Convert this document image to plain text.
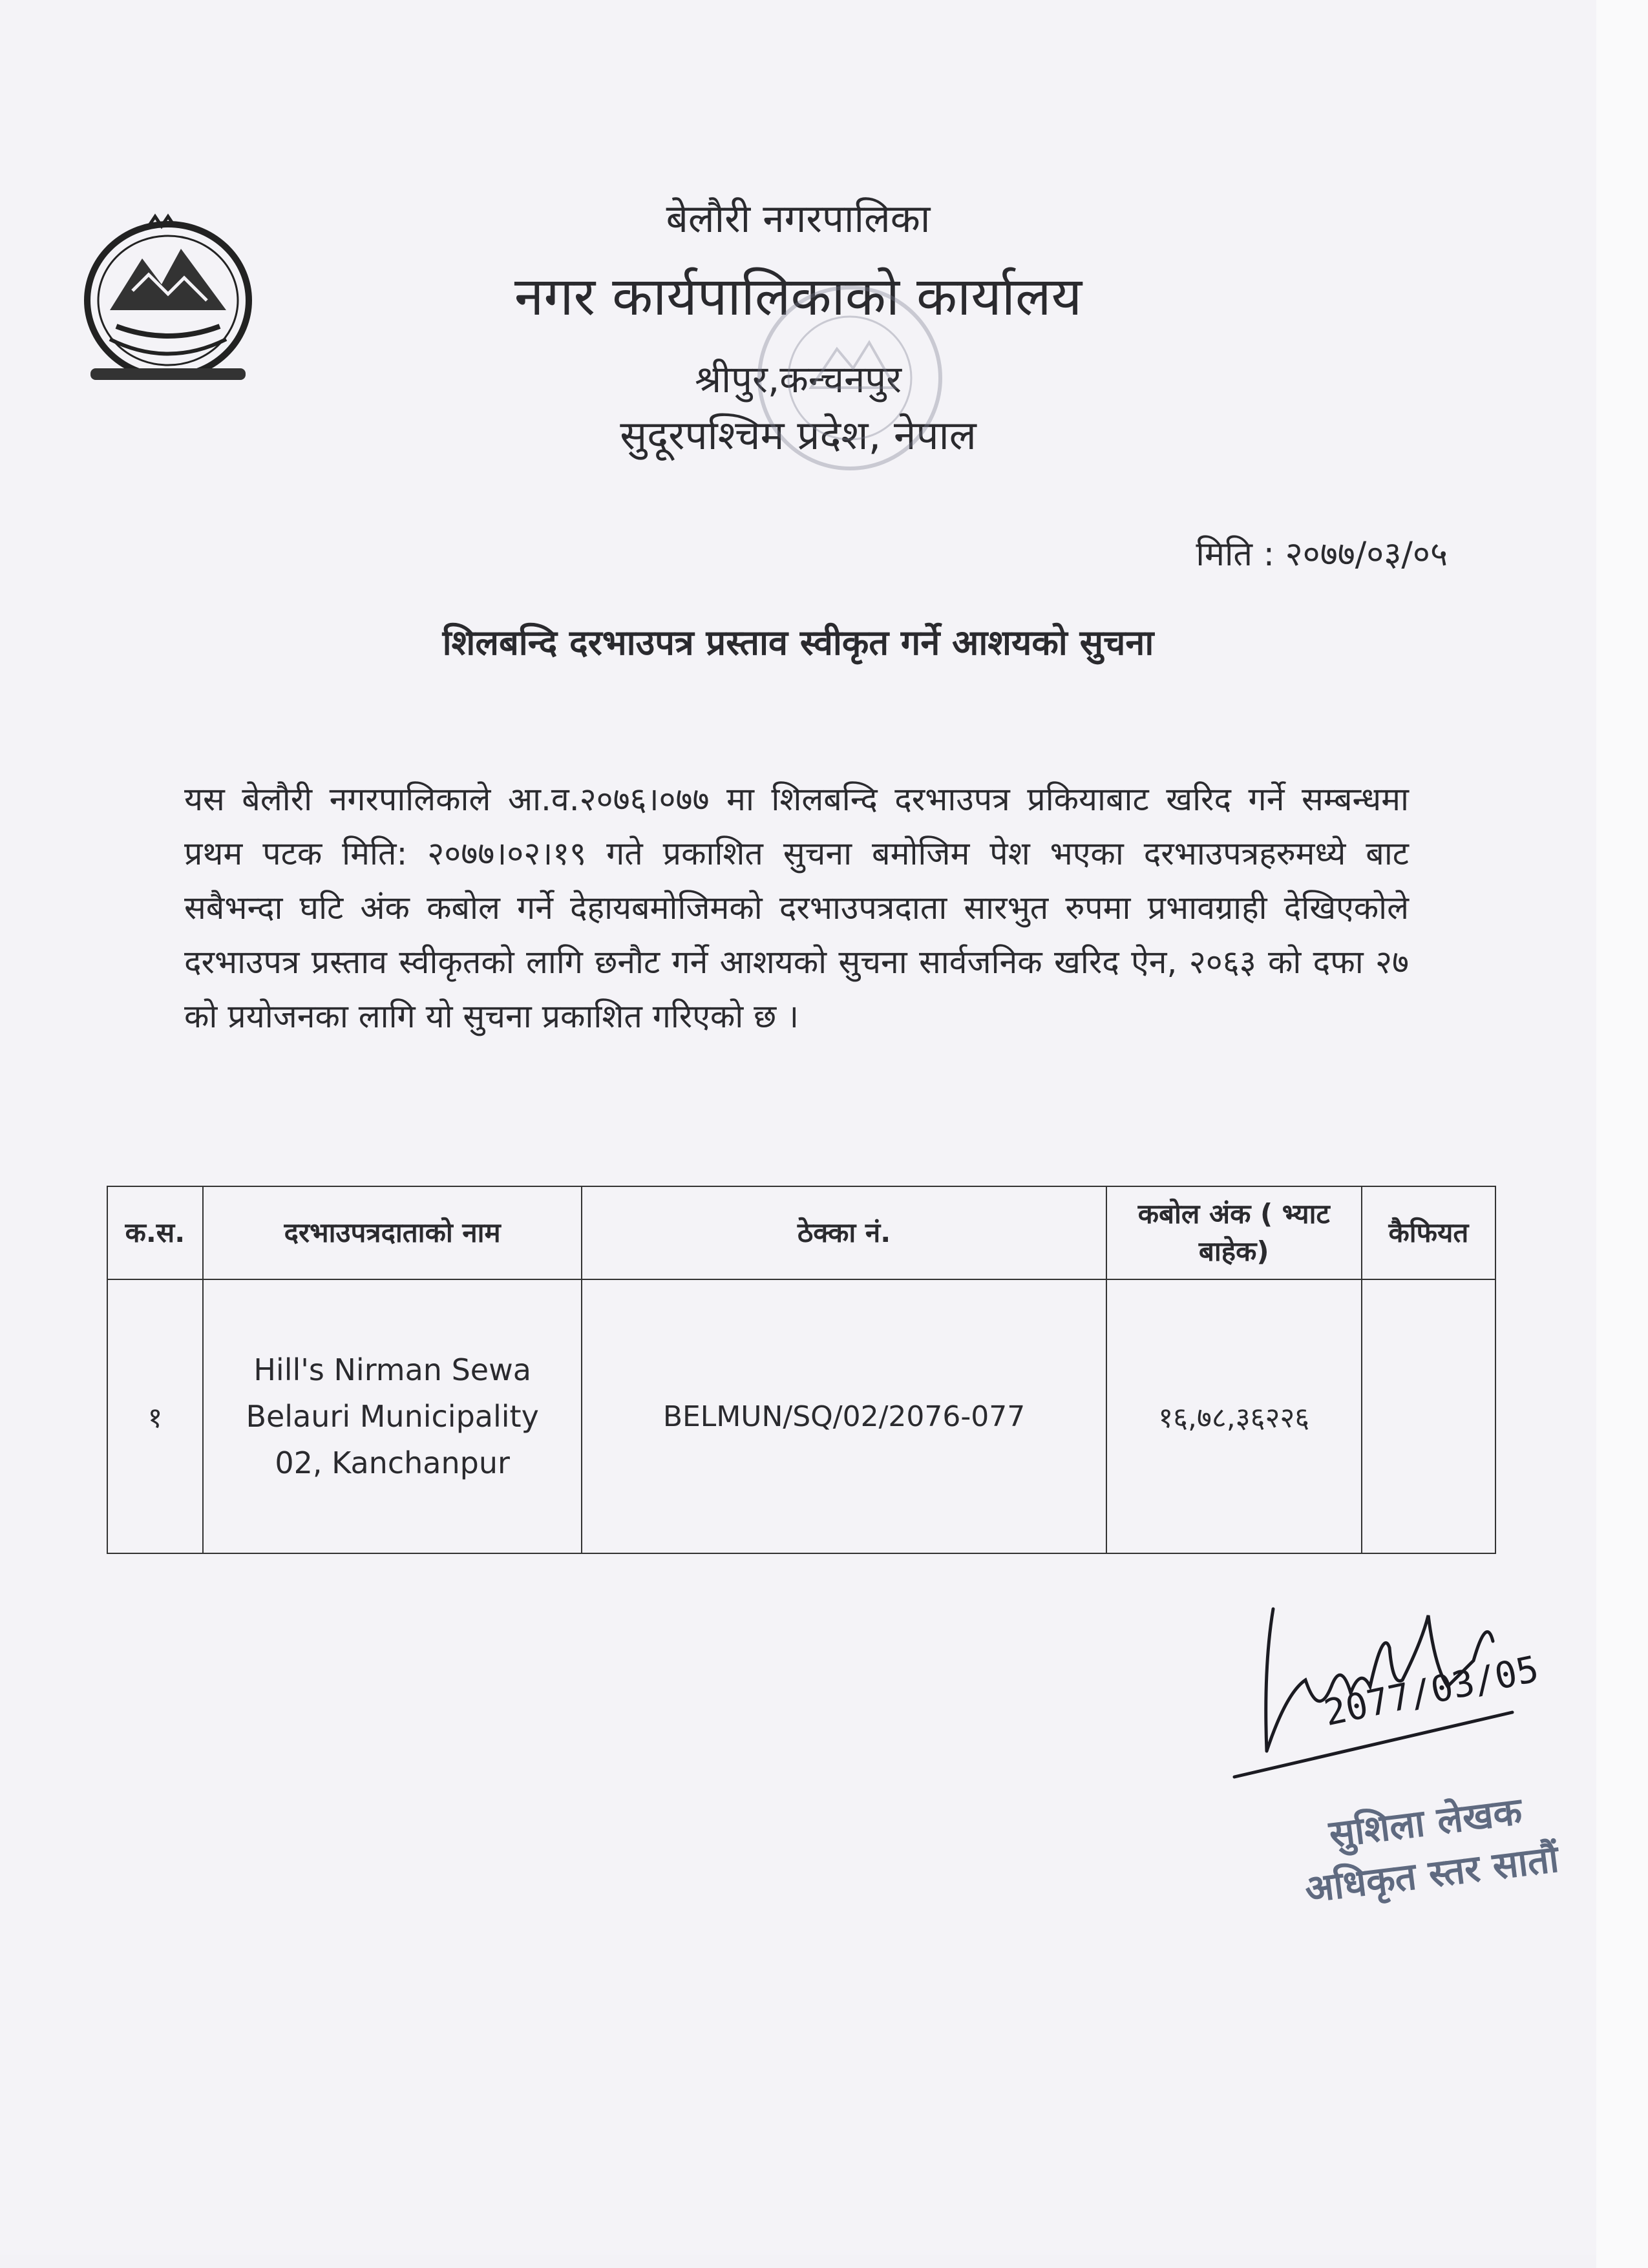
बेलौरी नगरपालिका
नगर कार्यपालिकाको कार्यालय
श्रीपुर,कन्चनपुर
सुदूरपश्चिम प्रदेश, नेपाल
मिति : २०७७/०३/०५
शिलबन्दि दरभाउपत्र प्रस्ताव स्वीकृत गर्ने आशयको सुचना
यस बेलौरी नगरपालिकाले आ.व.२०७६।०७७ मा शिलबन्दि दरभाउपत्र प्रकियाबाट खरिद गर्ने सम्बन्धमा प्रथम पटक मिति: २०७७।०२।१९ गते प्रकाशित सुचना बमोजिम पेश भएका दरभाउपत्रहरुमध्ये बाट सबैभन्दा घटि अंक कबोल गर्ने देहायबमोजिमको दरभाउपत्रदाता सारभुत रुपमा प्रभावग्राही देखिएकोले दरभाउपत्र प्रस्ताव स्वीकृतको लागि छनौट गर्ने आशयको सुचना सार्वजनिक खरिद ऐन, २०६३ को दफा २७ को प्रयोजनका लागि यो सुचना प्रकाशित गरिएको छ ।
क.स.	दरभाउपत्रदाताको नाम	ठेक्का नं.	कबोल अंक ( भ्याट बाहेक)	कैफियत
१	Hill's Nirman Sewa
Belauri Municipality
02, Kanchanpur	BELMUN/SQ/02/2076-077	१६,७८,३६२२६	
2077/03/05
सुशिला लेखक
अधिकृत स्तर सातौं
